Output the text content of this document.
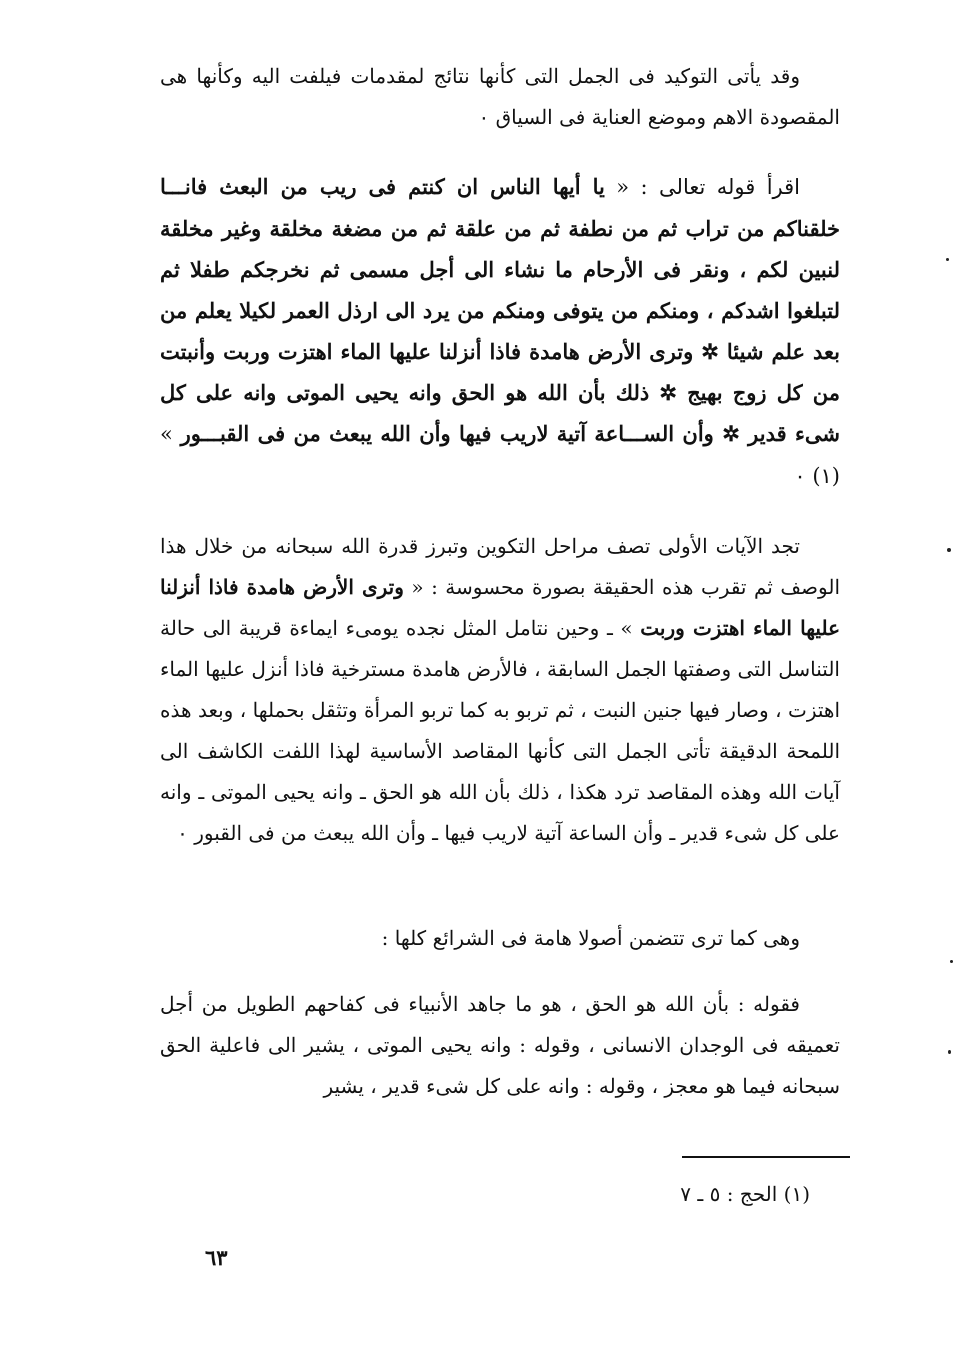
وقد يأتى التوكيد فى الجمل التى كأنها نتائج لمقدمات فيلفت اليه وكأنها هى المقصودة الاهم وموضع العناية فى السياق ٠

اقرأ قوله تعالى : « يا أيها الناس ان كنتم فى ريب من البعث فانـــا خلقناكم من تراب ثم من نطفة ثم من علقة ثم من مضغة مخلقة وغير مخلقة لنبين لكم ، ونقر فى الأرحام ما نشاء الى أجل مسمى ثم نخرجكم طفلا ثم لتبلغوا اشدكم ، ومنكم من يتوفى ومنكم من يرد الى ارذل العمر لكيلا يعلم من بعد علم شيئا ✲ وترى الأرض هامدة فاذا أنزلنا عليها الماء اهتزت وربت وأنبتت من كل زوج بهيج ✲ ذلك بأن الله هو الحق وانه يحيى الموتى وانه على كل شىء قدير ✲ وأن الســـاعة آتية لاريب فيها وأن الله يبعث من فى القبـــور » (١) ٠

تجد الآيات الأولى تصف مراحل التكوين وتبرز قدرة الله سبحانه من خلال هذا الوصف ثم تقرب هذه الحقيقة بصورة محسوسة : « وترى الأرض هامدة فاذا أنزلنا عليها الماء اهتزت وربت » ـ وحين نتامل المثل نجده يومىء ايماءة قريبة الى حالة التناسل التى وصفتها الجمل السابقة ، فالأرض هامدة مسترخية فاذا أنزل عليها الماء اهتزت ، وصار فيها جنين النبت ، ثم تربو به كما تربو المرأة وتثقل بحملها ، وبعد هذه اللمحة الدقيقة تأتى الجمل التى كأنها المقاصد الأساسية لهذا اللفت الكاشف الى آيات الله وهذه المقاصد ترد هكذا ، ذلك بأن الله هو الحق ـ وانه يحيى الموتى ـ وانه على كل شىء قدير ـ وأن الساعة آتية لاريب فيها ـ وأن الله يبعث من فى القبور ٠

وهى كما ترى تتضمن أصولا هامة فى الشرائع كلها :

فقوله : بأن الله هو الحق ، هو ما جاهد الأنبياء فى كفاحهم الطويل من أجل تعميقه فى الوجدان الانسانى ، وقوله : وانه يحيى الموتى ، يشير الى فاعلية الحق سبحانه فيما هو معجز ، وقوله : وانه على كل شىء قدير ، يشير

(١) الحج : ٥ ـ ٧
٦٣
